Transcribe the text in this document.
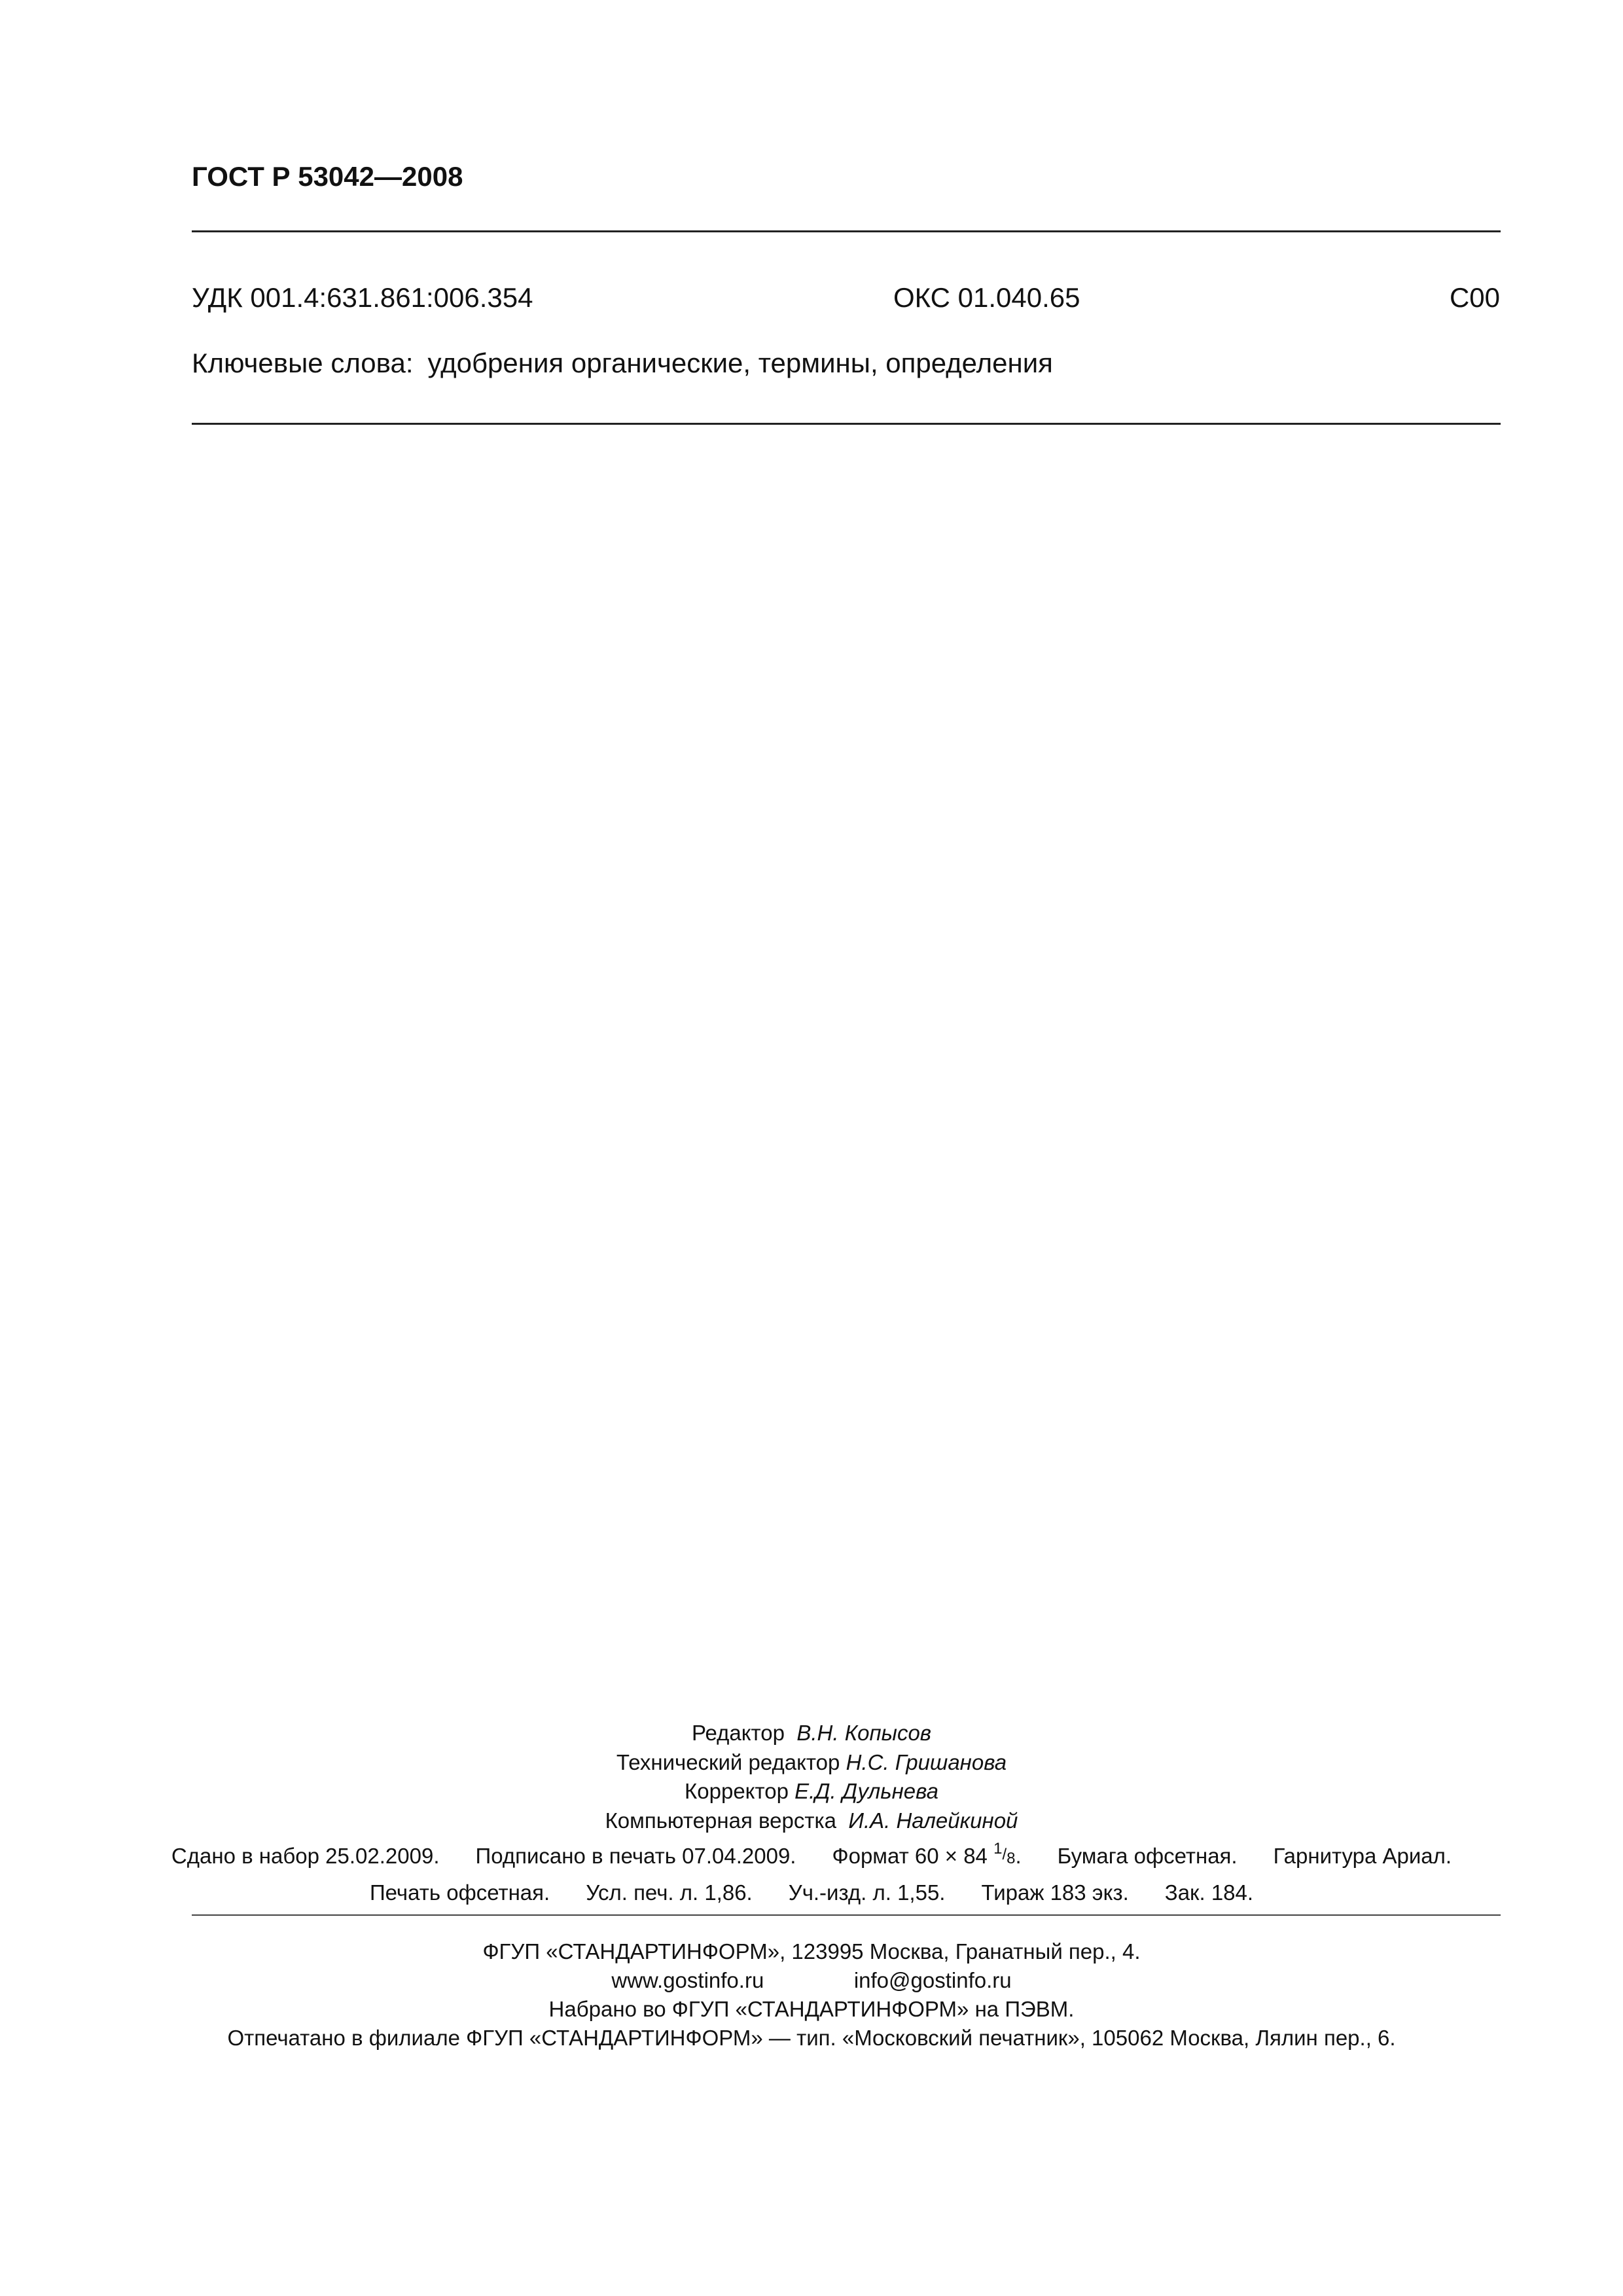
ГОСТ Р 53042—2008
УДК 001.4:631.861:006.354	ОКС 01.040.65	С00
Ключевые слова: удобрения органические, термины, определения
Редактор В.Н. Копысов
Технический редактор Н.С. Гришанова
Корректор Е.Д. Дульнева
Компьютерная верстка И.А. Налейкиной
Сдано в набор 25.02.2009. Подписано в печать 07.04.2009. Формат 60 × 84 $^1/_8$. Бумага офсетная. Гарнитура Ариал.
Печать офсетная. Усл. печ. л. 1,86. Уч.-изд. л. 1,55. Тираж 183 экз. Зак. 184.
ФГУП «СТАНДАРТИНФОРМ», 123995 Москва, Гранатный пер., 4.
www.gostinfo.ru	info@gostinfo.ru
Набрано во ФГУП «СТАНДАРТИНФОРМ» на ПЭВМ.
Отпечатано в филиале ФГУП «СТАНДАРТИНФОРМ» — тип. «Московский печатник», 105062 Москва, Лялин пер., 6.
